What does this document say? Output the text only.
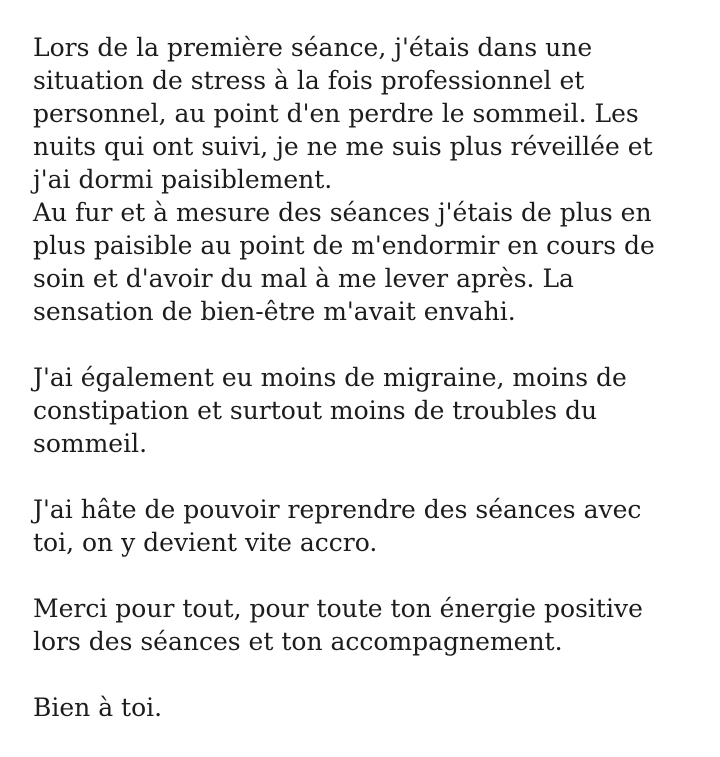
Lors de la première séance, j'étais dans une
situation de stress à la fois professionnel et
personnel, au point d'en perdre le sommeil. Les
nuits qui ont suivi, je ne me suis plus réveillée et
j'ai dormi paisiblement.
Au fur et à mesure des séances j'étais de plus en
plus paisible au point de m'endormir en cours de
soin et d'avoir du mal à me lever après. La
sensation de bien-être m'avait envahi.

J'ai également eu moins de migraine, moins de
constipation et surtout moins de troubles du
sommeil.

J'ai hâte de pouvoir reprendre des séances avec
toi, on y devient vite accro.

Merci pour tout, pour toute ton énergie positive
lors des séances et ton accompagnement.

Bien à toi.
